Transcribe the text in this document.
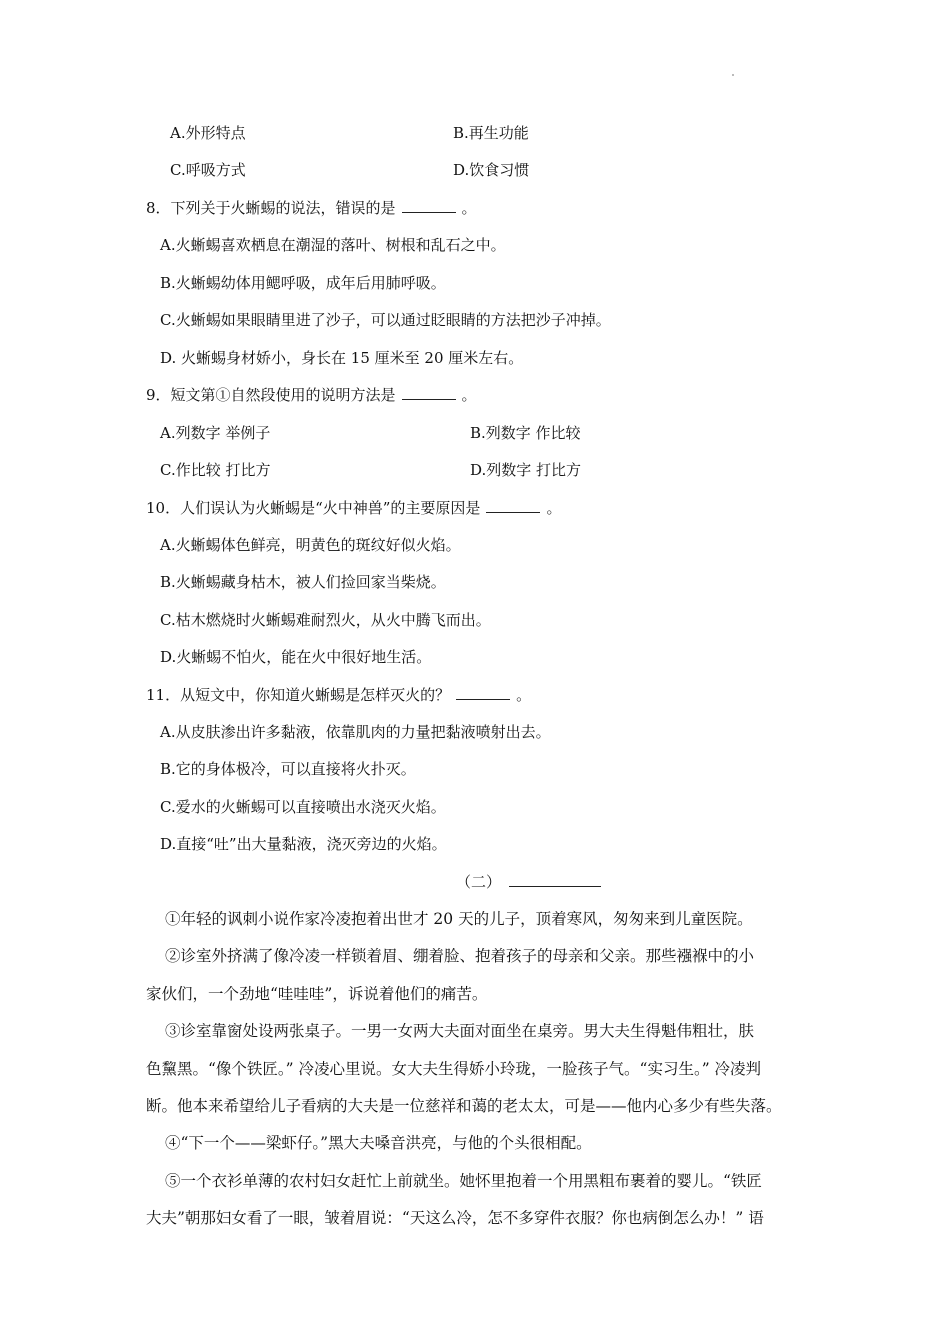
A.外形特点	B.再生功能
C.呼吸方式	D.饮食习惯
8．下列关于火蜥蜴的说法，错误的是	。
A.火蜥蜴喜欢栖息在潮湿的落叶、树根和乱石之中。
B.火蜥蜴幼体用鳃呼吸，成年后用肺呼吸。
C.火蜥蜴如果眼睛里进了沙子，可以通过眨眼睛的方法把沙子冲掉。
D. 火蜥蜴身材娇小，身长在 15 厘米至 20 厘米左右。
9．短文第①自然段使用的说明方法是	。
A.列数字 举例子	B.列数字 作比较
C.作比较 打比方	D.列数字 打比方
10．人们误认为火蜥蜴是“火中神兽”的主要原因是	。
A.火蜥蜴体色鲜亮，明黄色的斑纹好似火焰。
B.火蜥蜴藏身枯木，被人们捡回家当柴烧。
C.枯木燃烧时火蜥蜴难耐烈火，从火中腾飞而出。
D.火蜥蜴不怕火，能在火中很好地生活。
11．从短文中，你知道火蜥蜴是怎样灭火的？	。
A.从皮肤渗出许多黏液，依靠肌肉的力量把黏液喷射出去。
B.它的身体极冷，可以直接将火扑灭。
C.爱水的火蜥蜴可以直接喷出水浇灭火焰。
D.直接“吐”出大量黏液，浇灭旁边的火焰。
（二）
①年轻的讽刺小说作家冷凌抱着出世才 20 天的儿子，顶着寒风，匆匆来到儿童医院。
②诊室外挤满了像冷凌一样锁着眉、绷着脸、抱着孩子的母亲和父亲。那些襁褓中的小
家伙们，一个劲地“哇哇哇”，诉说着他们的痛苦。
③诊室靠窗处设两张桌子。一男一女两大夫面对面坐在桌旁。男大夫生得魁伟粗壮，肤
色黧黑。“像个铁匠。” 冷凌心里说。女大夫生得娇小玲珑，一脸孩子气。“实习生。” 冷凌判
断。他本来希望给儿子看病的大夫是一位慈祥和蔼的老太太，可是——他内心多少有些失落。
④“下一个——梁虾仔。”黑大夫嗓音洪亮，与他的个头很相配。
⑤一个衣衫单薄的农村妇女赶忙上前就坐。她怀里抱着一个用黑粗布裹着的婴儿。“铁匠
大夫”朝那妇女看了一眼，皱着眉说：“天这么冷，怎不多穿件衣服？你也病倒怎么办！” 语
